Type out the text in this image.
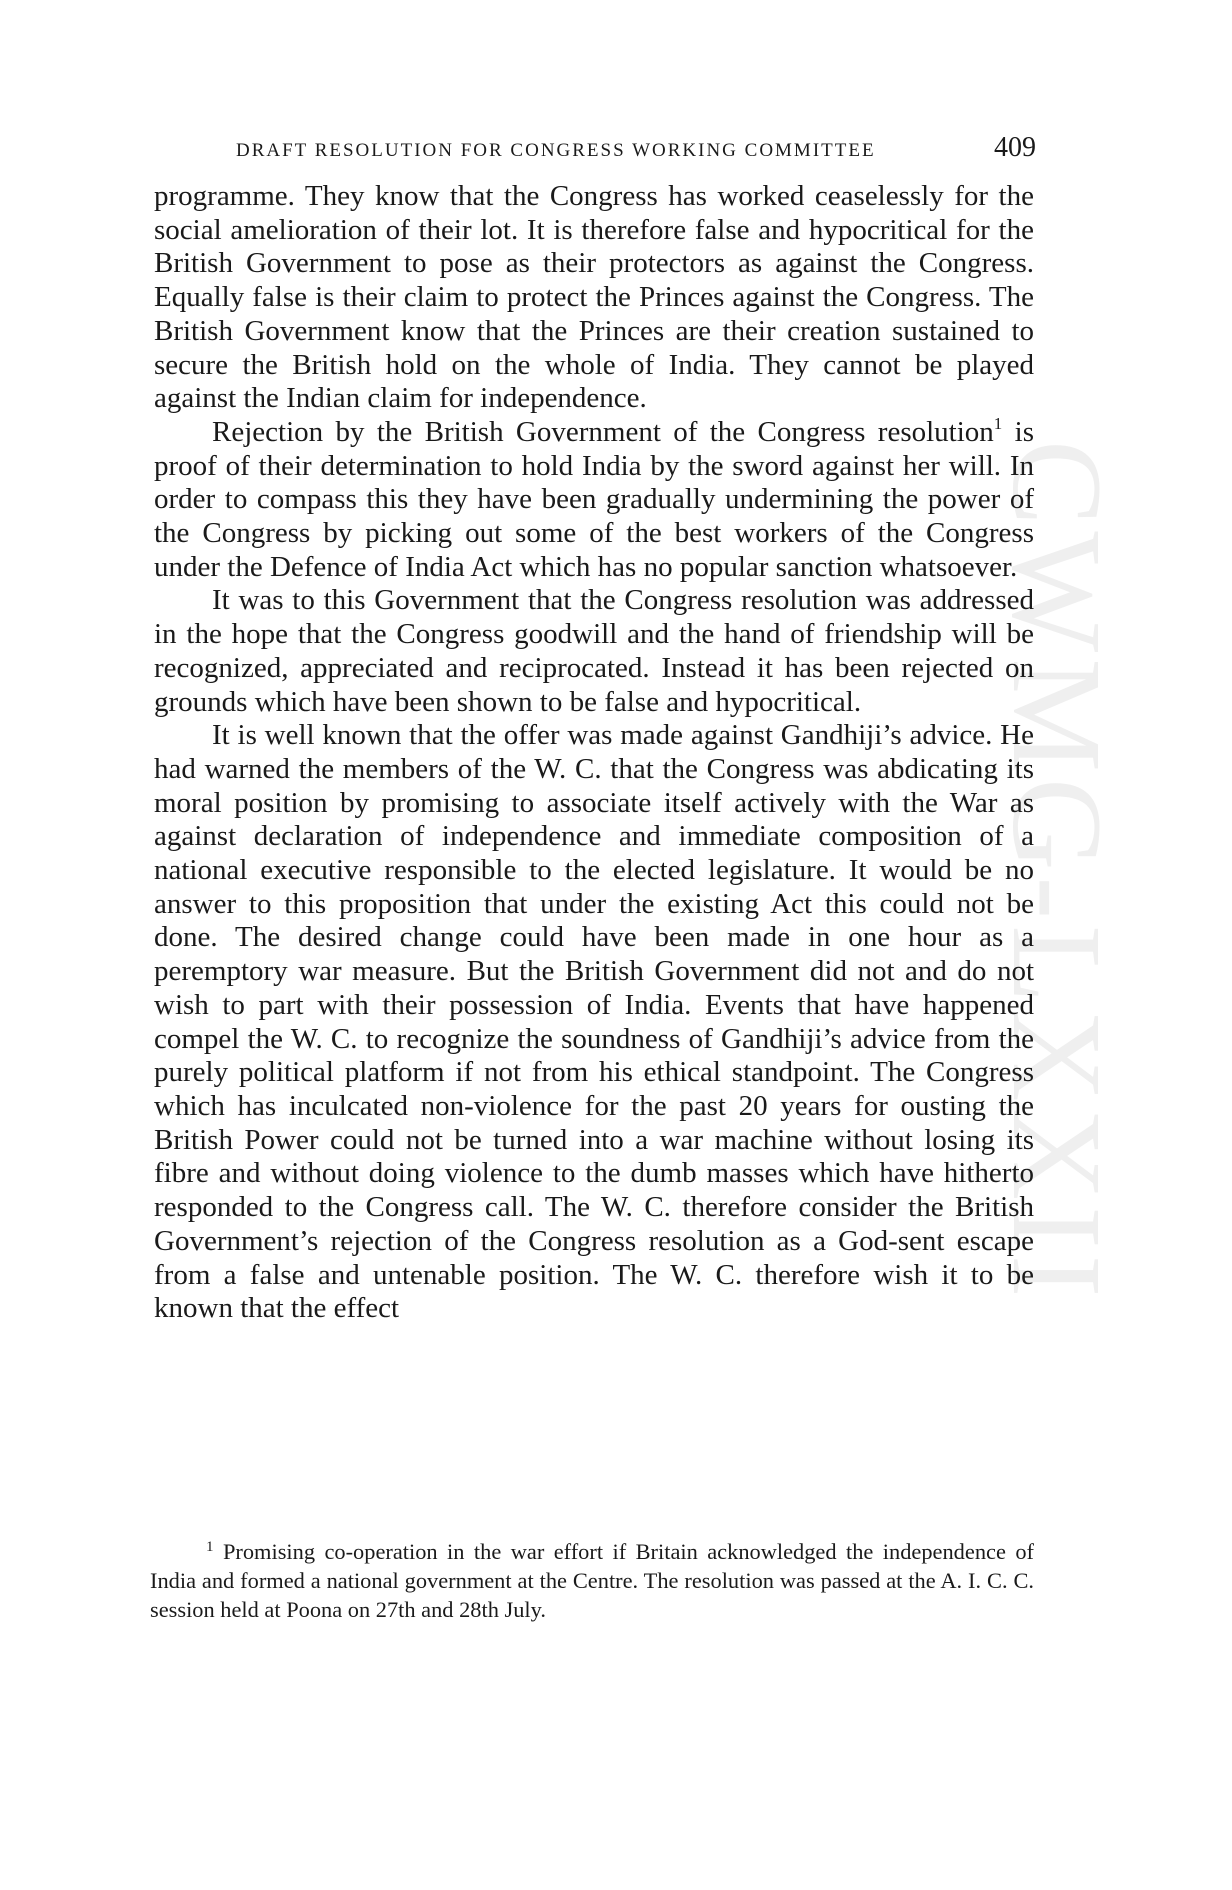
CWMG-LXXII
DRAFT RESOLUTION FOR CONGRESS WORKING COMMITTEE	409

programme. They know that the Congress has worked ceaselessly for the social amelioration of their lot. It is therefore false and hypocritical for the British Government to pose as their protectors as against the Congress. Equally false is their claim to protect the Princes against the Congress. The British Government know that the Princes are their creation sustained to secure the British hold on the whole of India. They cannot be played against the Indian claim for independence.

Rejection by the British Government of the Congress resolution$^1$ is proof of their determination to hold India by the sword against her will. In order to compass this they have been gradually undermining the power of the Congress by picking out some of the best workers of the Congress under the Defence of India Act which has no popular sanction whatsoever.

It was to this Government that the Congress resolution was addressed in the hope that the Congress goodwill and the hand of friendship will be recognized, appreciated and reciprocated. Instead it has been rejected on grounds which have been shown to be false and hypocritical.

It is well known that the offer was made against Gandhiji’s advice. He had warned the members of the W. C. that the Congress was abdicating its moral position by promising to associate itself actively with the War as against declaration of independence and immediate composition of a national executive responsible to the elected legislature. It would be no answer to this proposition that under the existing Act this could not be done. The desired change could have been made in one hour as a peremptory war measure. But the British Government did not and do not wish to part with their possession of India. Events that have happened compel the W. C. to recognize the soundness of Gandhiji’s advice from the purely political platform if not from his ethical standpoint. The Congress which has inculcated non-violence for the past 20 years for ousting the British Power could not be turned into a war machine without losing its fibre and without doing violence to the dumb masses which have hitherto responded to the Congress call. The W. C. therefore consider the British Government’s rejection of the Congress resolution as a God-sent escape from a false and untenable position. The W. C. therefore wish it to be known that the effect

$^1$ Promising co-operation in the war effort if Britain acknowledged the independence of India and formed a national government at the Centre. The resolution was passed at the A. I. C. C. session held at Poona on 27th and 28th July.
